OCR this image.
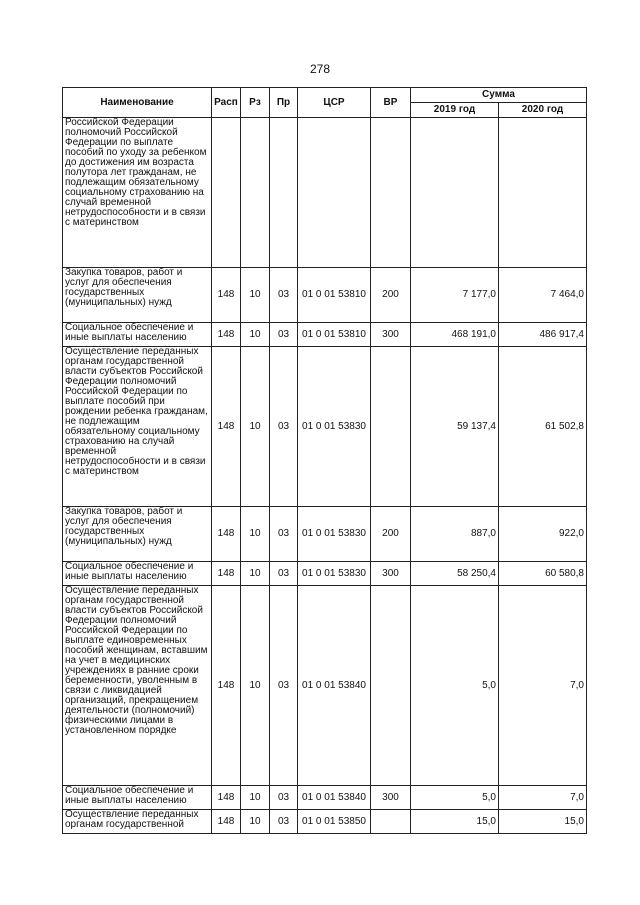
278
Наименование	Расп	Рз	Пр	ЦСР	ВР	Сумма	
						2019 год	2020 год
Российской Федерации полномочий Российской Федерации по выплате пособий по уходу за ребенком до достижения им возраста полутора лет гражданам, не подлежащим обязательному социальному страхованию на случай временной нетрудоспособности и в связи с материнством							
Закупка товаров, работ и услуг для обеспечения государственных (муниципальных) нужд	148	10	03	01 0 01 53810	200	7 177,0	7 464,0
Социальное обеспечение и иные выплаты населению	148	10	03	01 0 01 53810	300	468 191,0	486 917,4
Осуществление переданных органам государственной власти субъектов Российской Федерации полномочий Российской Федерации по выплате пособий при рождении ребенка гражданам, не подлежащим обязательному социальному страхованию на случай временной нетрудоспособности и в связи с материнством	148	10	03	01 0 01 53830		59 137,4	61 502,8
Закупка товаров, работ и услуг для обеспечения государственных (муниципальных) нужд	148	10	03	01 0 01 53830	200	887,0	922,0
Социальное обеспечение и иные выплаты населению	148	10	03	01 0 01 53830	300	58 250,4	60 580,8
Осуществление переданных органам государственной власти субъектов Российской Федерации полномочий Российской Федерации по выплате единовременных пособий женщинам, вставшим на учет в медицинских учреждениях в ранние сроки беременности, уволенным в связи с ликвидацией организаций, прекращением деятельности (полномочий) физическими лицами в установленном порядке	148	10	03	01 0 01 53840		5,0	7,0
Социальное обеспечение и иные выплаты населению	148	10	03	01 0 01 53840	300	5,0	7,0
Осуществление переданных органам государственной	148	10	03	01 0 01 53850		15,0	15,0
